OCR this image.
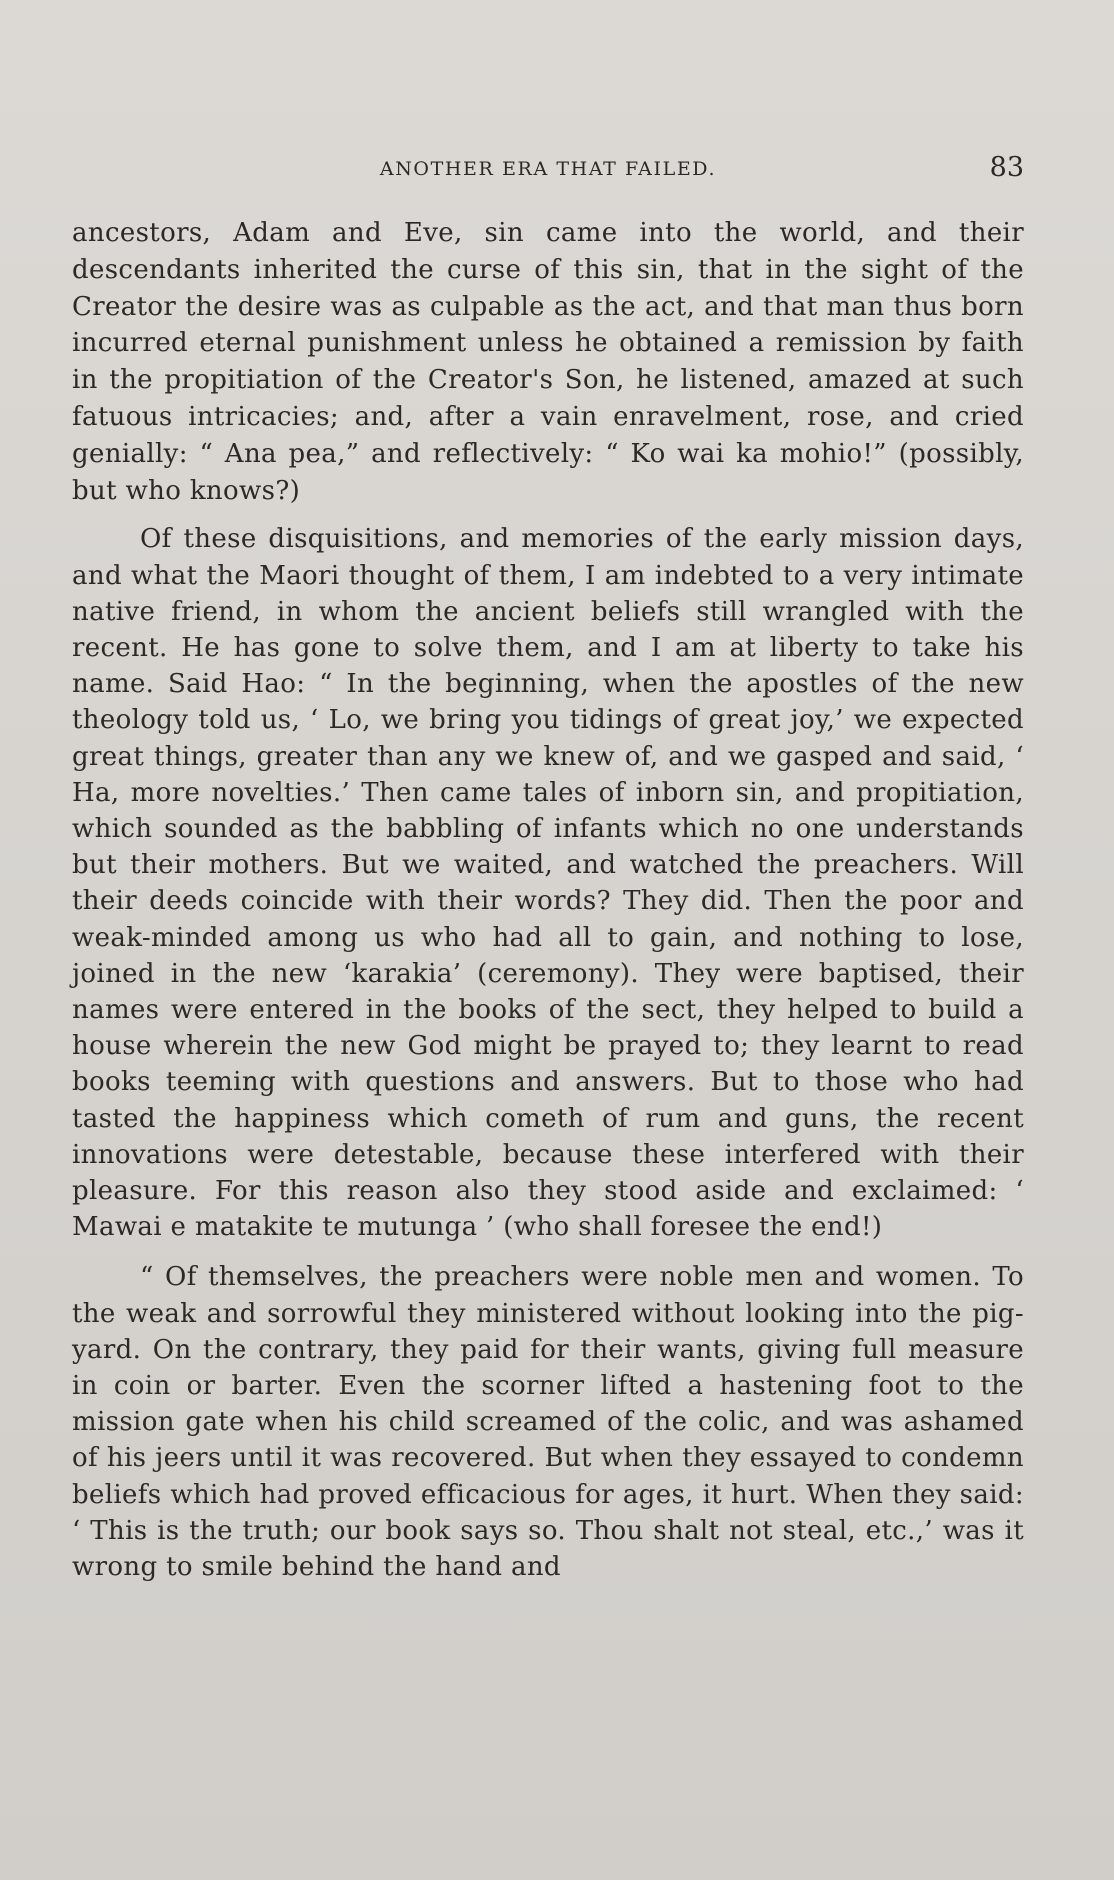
ANOTHER ERA THAT FAILED.	83

ancestors, Adam and Eve, sin came into the world, and their descendants inherited the curse of this sin, that in the sight of the Creator the desire was as culpable as the act, and that man thus born incurred eternal punishment unless he obtained a remission by faith in the propitiation of the Creator's Son, he listened, amazed at such fatuous intricacies; and, after a vain enravelment, rose, and cried genially: “ Ana pea,” and reflectively: “ Ko wai ka mohio!” (possibly, but who knows?)

Of these disquisitions, and memories of the early mission days, and what the Maori thought of them, I am indebted to a very intimate native friend, in whom the ancient beliefs still wrangled with the recent. He has gone to solve them, and I am at liberty to take his name. Said Hao: “ In the beginning, when the apostles of the new theology told us, ‘ Lo, we bring you tidings of great joy,’ we expected great things, greater than any we knew of, and we gasped and said, ‘ Ha, more novelties.’ Then came tales of inborn sin, and propitiation, which sounded as the babbling of infants which no one understands but their mothers. But we waited, and watched the preachers. Will their deeds coincide with their words? They did. Then the poor and weak-minded among us who had all to gain, and nothing to lose, joined in the new ‘karakia’ (ceremony). They were baptised, their names were entered in the books of the sect, they helped to build a house wherein the new God might be prayed to; they learnt to read books teeming with questions and answers. But to those who had tasted the happiness which cometh of rum and guns, the recent innovations were detestable, because these interfered with their pleasure. For this reason also they stood aside and exclaimed: ‘ Mawai e matakite te mutunga ’ (who shall foresee the end!)

“ Of themselves, the preachers were noble men and women. To the weak and sorrowful they ministered without looking into the pig-yard. On the contrary, they paid for their wants, giving full measure in coin or barter. Even the scorner lifted a hastening foot to the mission gate when his child screamed of the colic, and was ashamed of his jeers until it was recovered. But when they essayed to condemn beliefs which had proved efficacious for ages, it hurt. When they said: ‘ This is the truth; our book says so. Thou shalt not steal, etc.,’ was it wrong to smile behind the hand and
